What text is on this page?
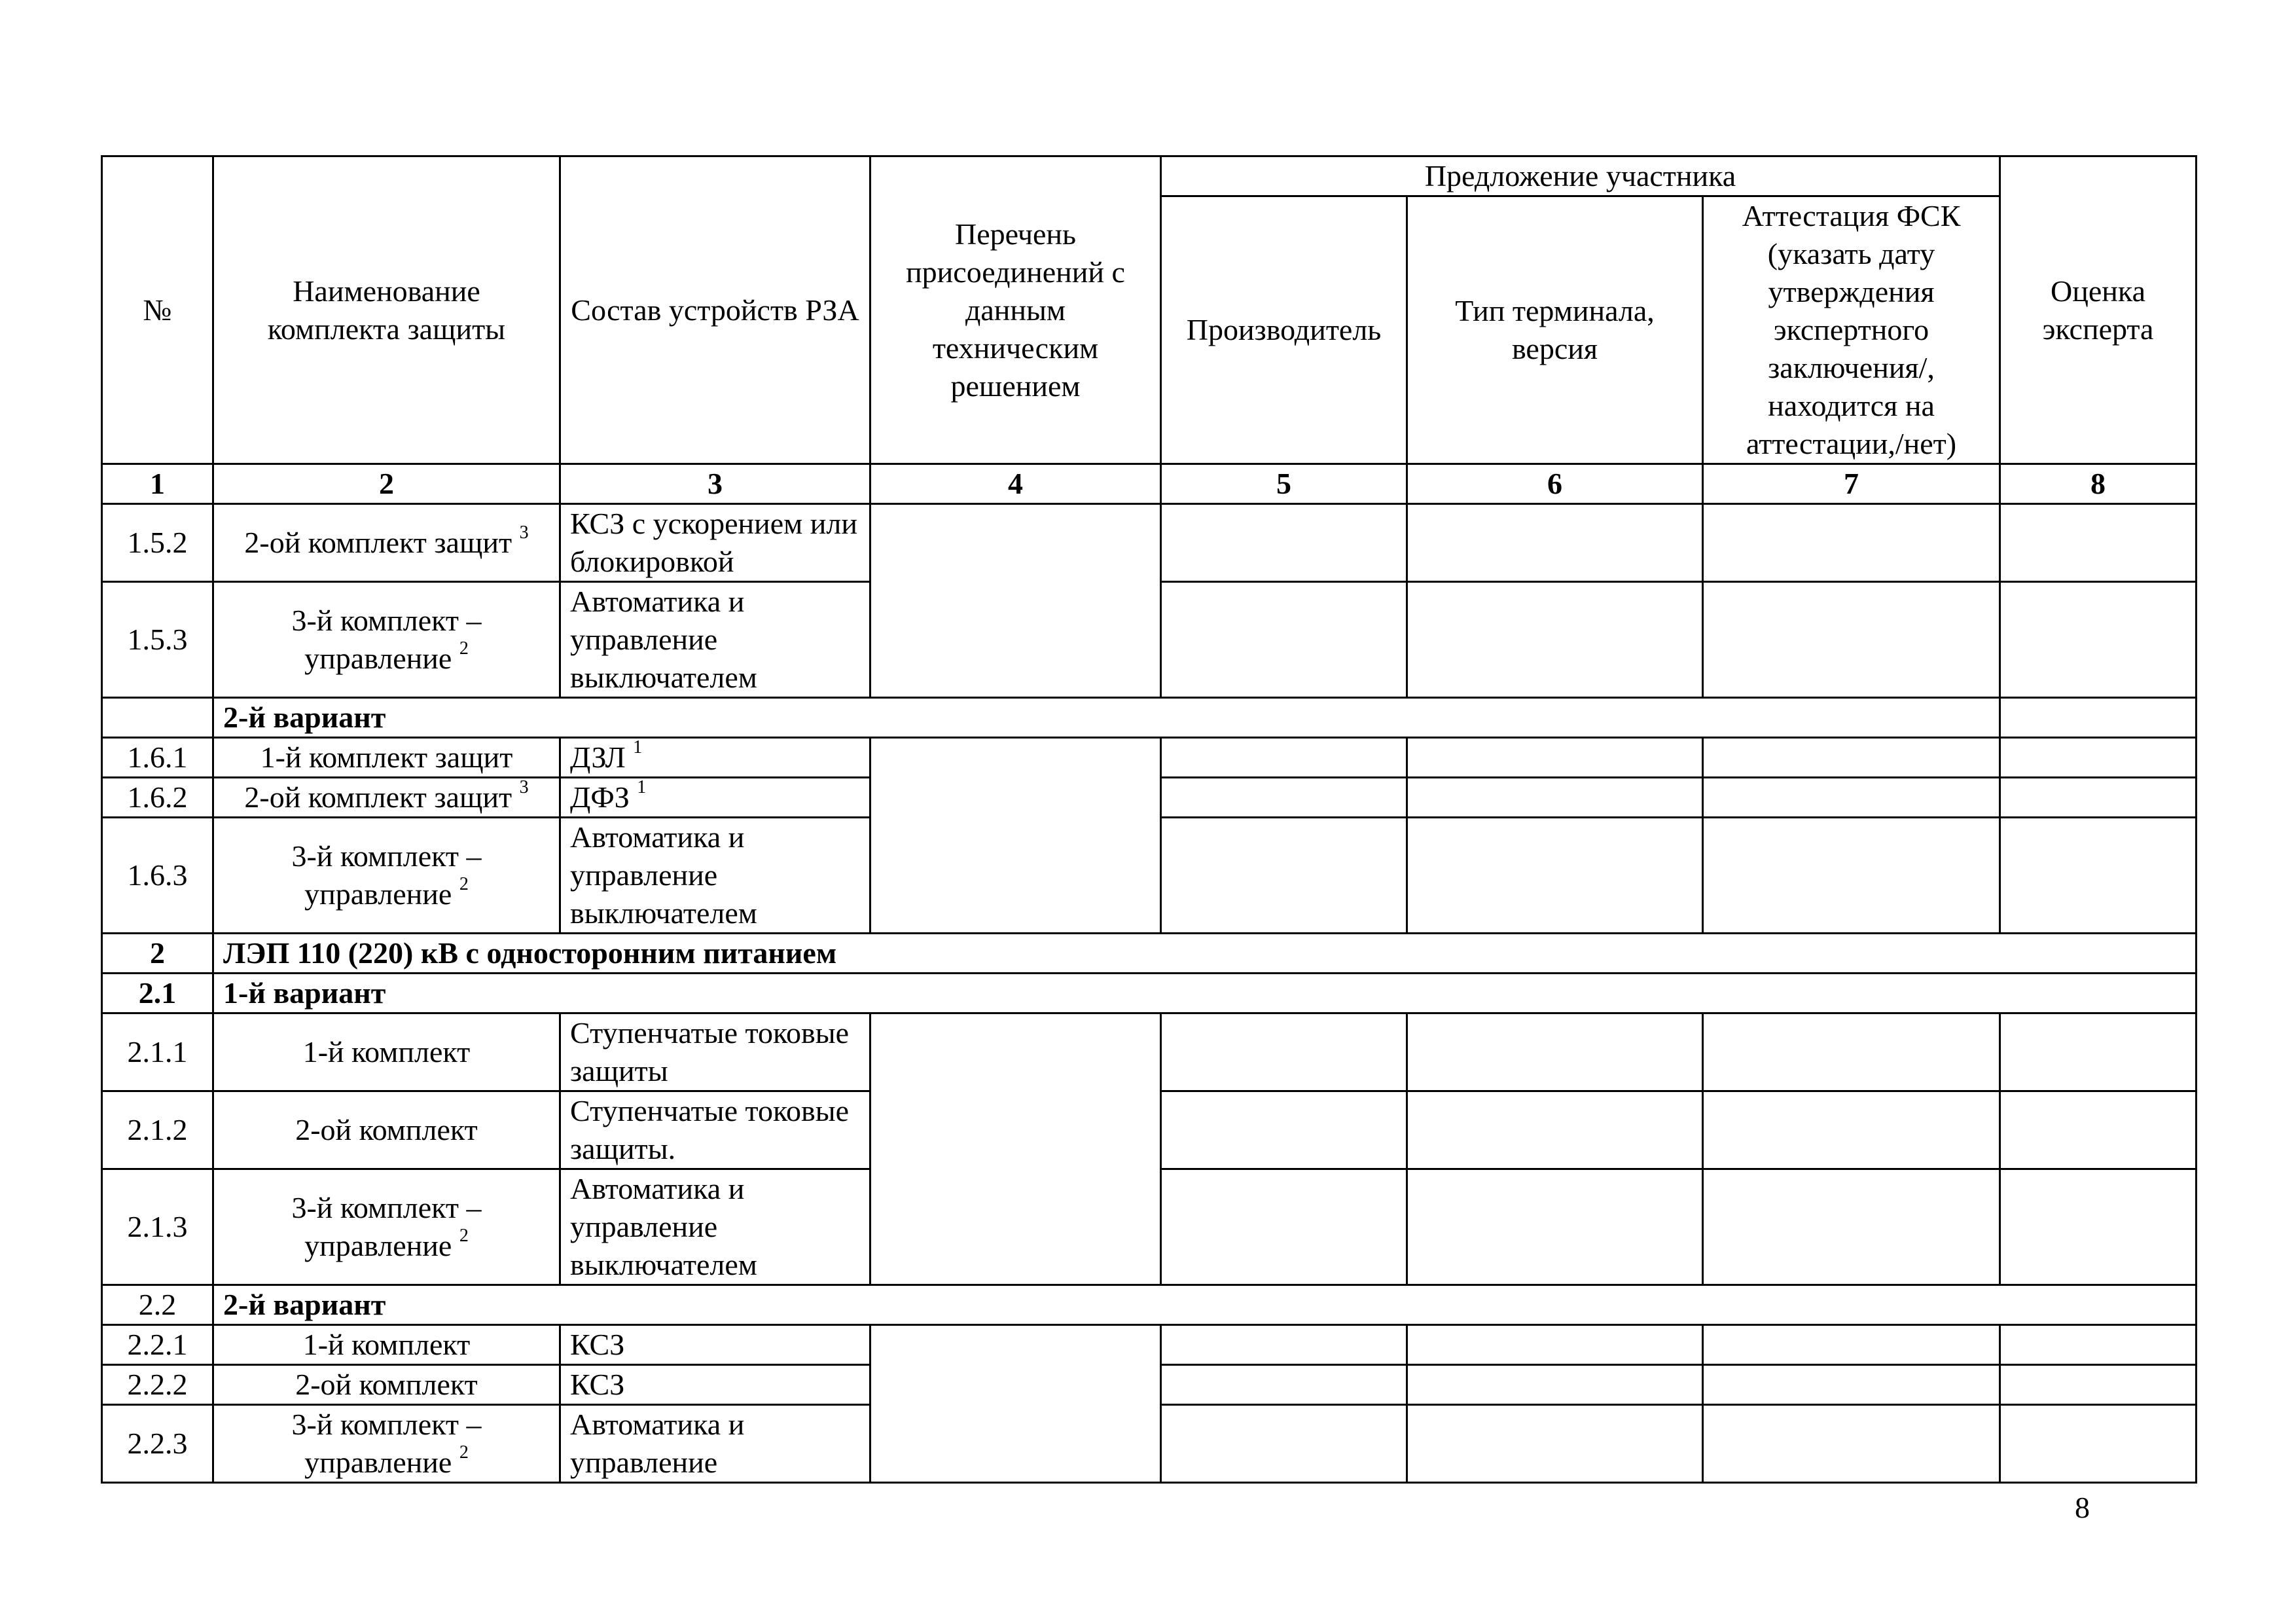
№	Наименование комплекта защиты	Состав устройств РЗА	Перечень присоединений с данным техническим решением	Предложение участника			Оценка эксперта
				Производитель	Тип терминала, версия	Аттестация ФСК (указать дату утверждения экспертного заключения/, находится на аттестации,/нет)	
1	2	3	4	5	6	7	8
1.5.2	2-ой комплект защит $^3$	КСЗ с ускорением или блокировкой					
1.5.3	3-й комплект – управление $^2$	Автоматика и управление выключателем					
	2-й вариант						
1.6.1	1-й комплект защит	ДЗЛ $^1$					
1.6.2	2-ой комплект защит $^3$	ДФЗ $^1$				
1.6.3	3-й комплект – управление $^2$	Автоматика и управление выключателем					
2	ЛЭП 110 (220) кВ с односторонним питанием						
2.1	1-й вариант						
2.1.1	1-й комплект	Ступенчатые токовые защиты					
2.1.2	2-ой комплект	Ступенчатые токовые защиты.					
2.1.3	3-й комплект – управление $^2$	Автоматика и управление выключателем					
2.2	2-й вариант						
2.2.1	1-й комплект	КСЗ					
2.2.2	2-ой комплект	КСЗ					
2.2.3	3-й комплект – управление $^2$	Автоматика и управление					
8
